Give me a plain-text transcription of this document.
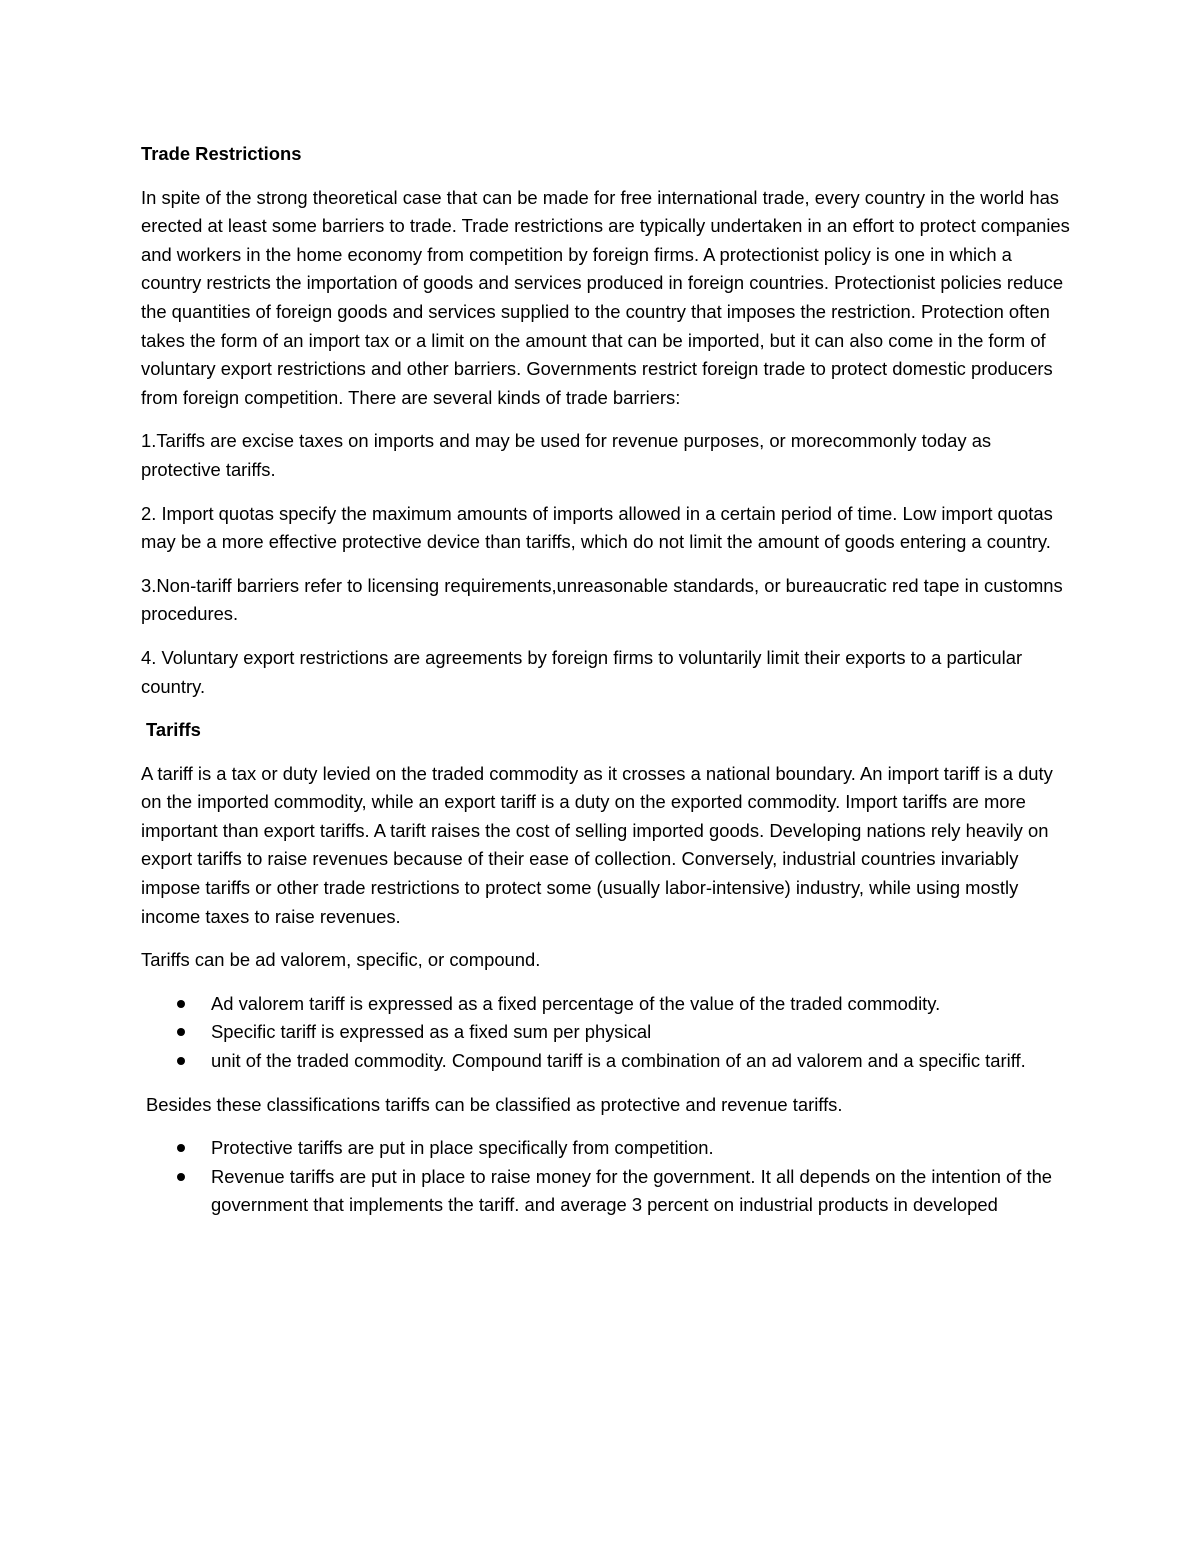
Trade Restrictions

In spite of the strong theoretical case that can be made for free international trade, every country in the world has erected at least some barriers to trade. Trade restrictions are typically undertaken in an effort to protect companies and workers in the home economy from competition by foreign firms. A protectionist policy is one in which a country restricts the importation of goods and services produced in foreign countries. Protectionist policies reduce the quantities of foreign goods and services supplied to the country that imposes the restriction. Protection often takes the form of an import tax or a limit on the amount that can be imported, but it can also come in the form of voluntary export restrictions and other barriers. Governments restrict foreign trade to protect domestic producers from foreign competition. There are several kinds of trade barriers:

1.Tariffs are excise taxes on imports and may be used for revenue purposes, or morecommonly today as protective tariffs.

2. Import quotas specify the maximum amounts of imports allowed in a certain period of time. Low import quotas may be a more effective protective device than tariffs, which do not limit the amount of goods entering a country.

3.Non-tariff barriers refer to licensing requirements,unreasonable standards, or bureaucratic red tape in customns procedures.

4. Voluntary export restrictions are agreements by foreign firms to voluntarily limit their exports to a particular country.

Tariffs

A tariff is a tax or duty levied on the traded commodity as it crosses a national boundary. An import tariff is a duty on the imported commodity, while an export tariff is a duty on the exported commodity. Import tariffs are more important than export tariffs. A tarift raises the cost of selling imported goods. Developing nations rely heavily on export tariffs to raise revenues because of their ease of collection. Conversely, industrial countries invariably impose tariffs or other trade restrictions to protect some (usually labor-intensive) industry, while using mostly income taxes to raise revenues.

Tariffs can be ad valorem, specific, or compound.

Ad valorem tariff is expressed as a fixed percentage of the value of the traded commodity.
Specific tariff is expressed as a fixed sum per physical
unit of the traded commodity. Compound tariff is a combination of an ad valorem and a specific tariff.

Besides these classifications tariffs can be classified as protective and revenue tariffs.

Protective tariffs are put in place specifically from competition.
Revenue tariffs are put in place to raise money for the government. It all depends on the intention of the government that implements the tariff. and average 3 percent on industrial products in developed
